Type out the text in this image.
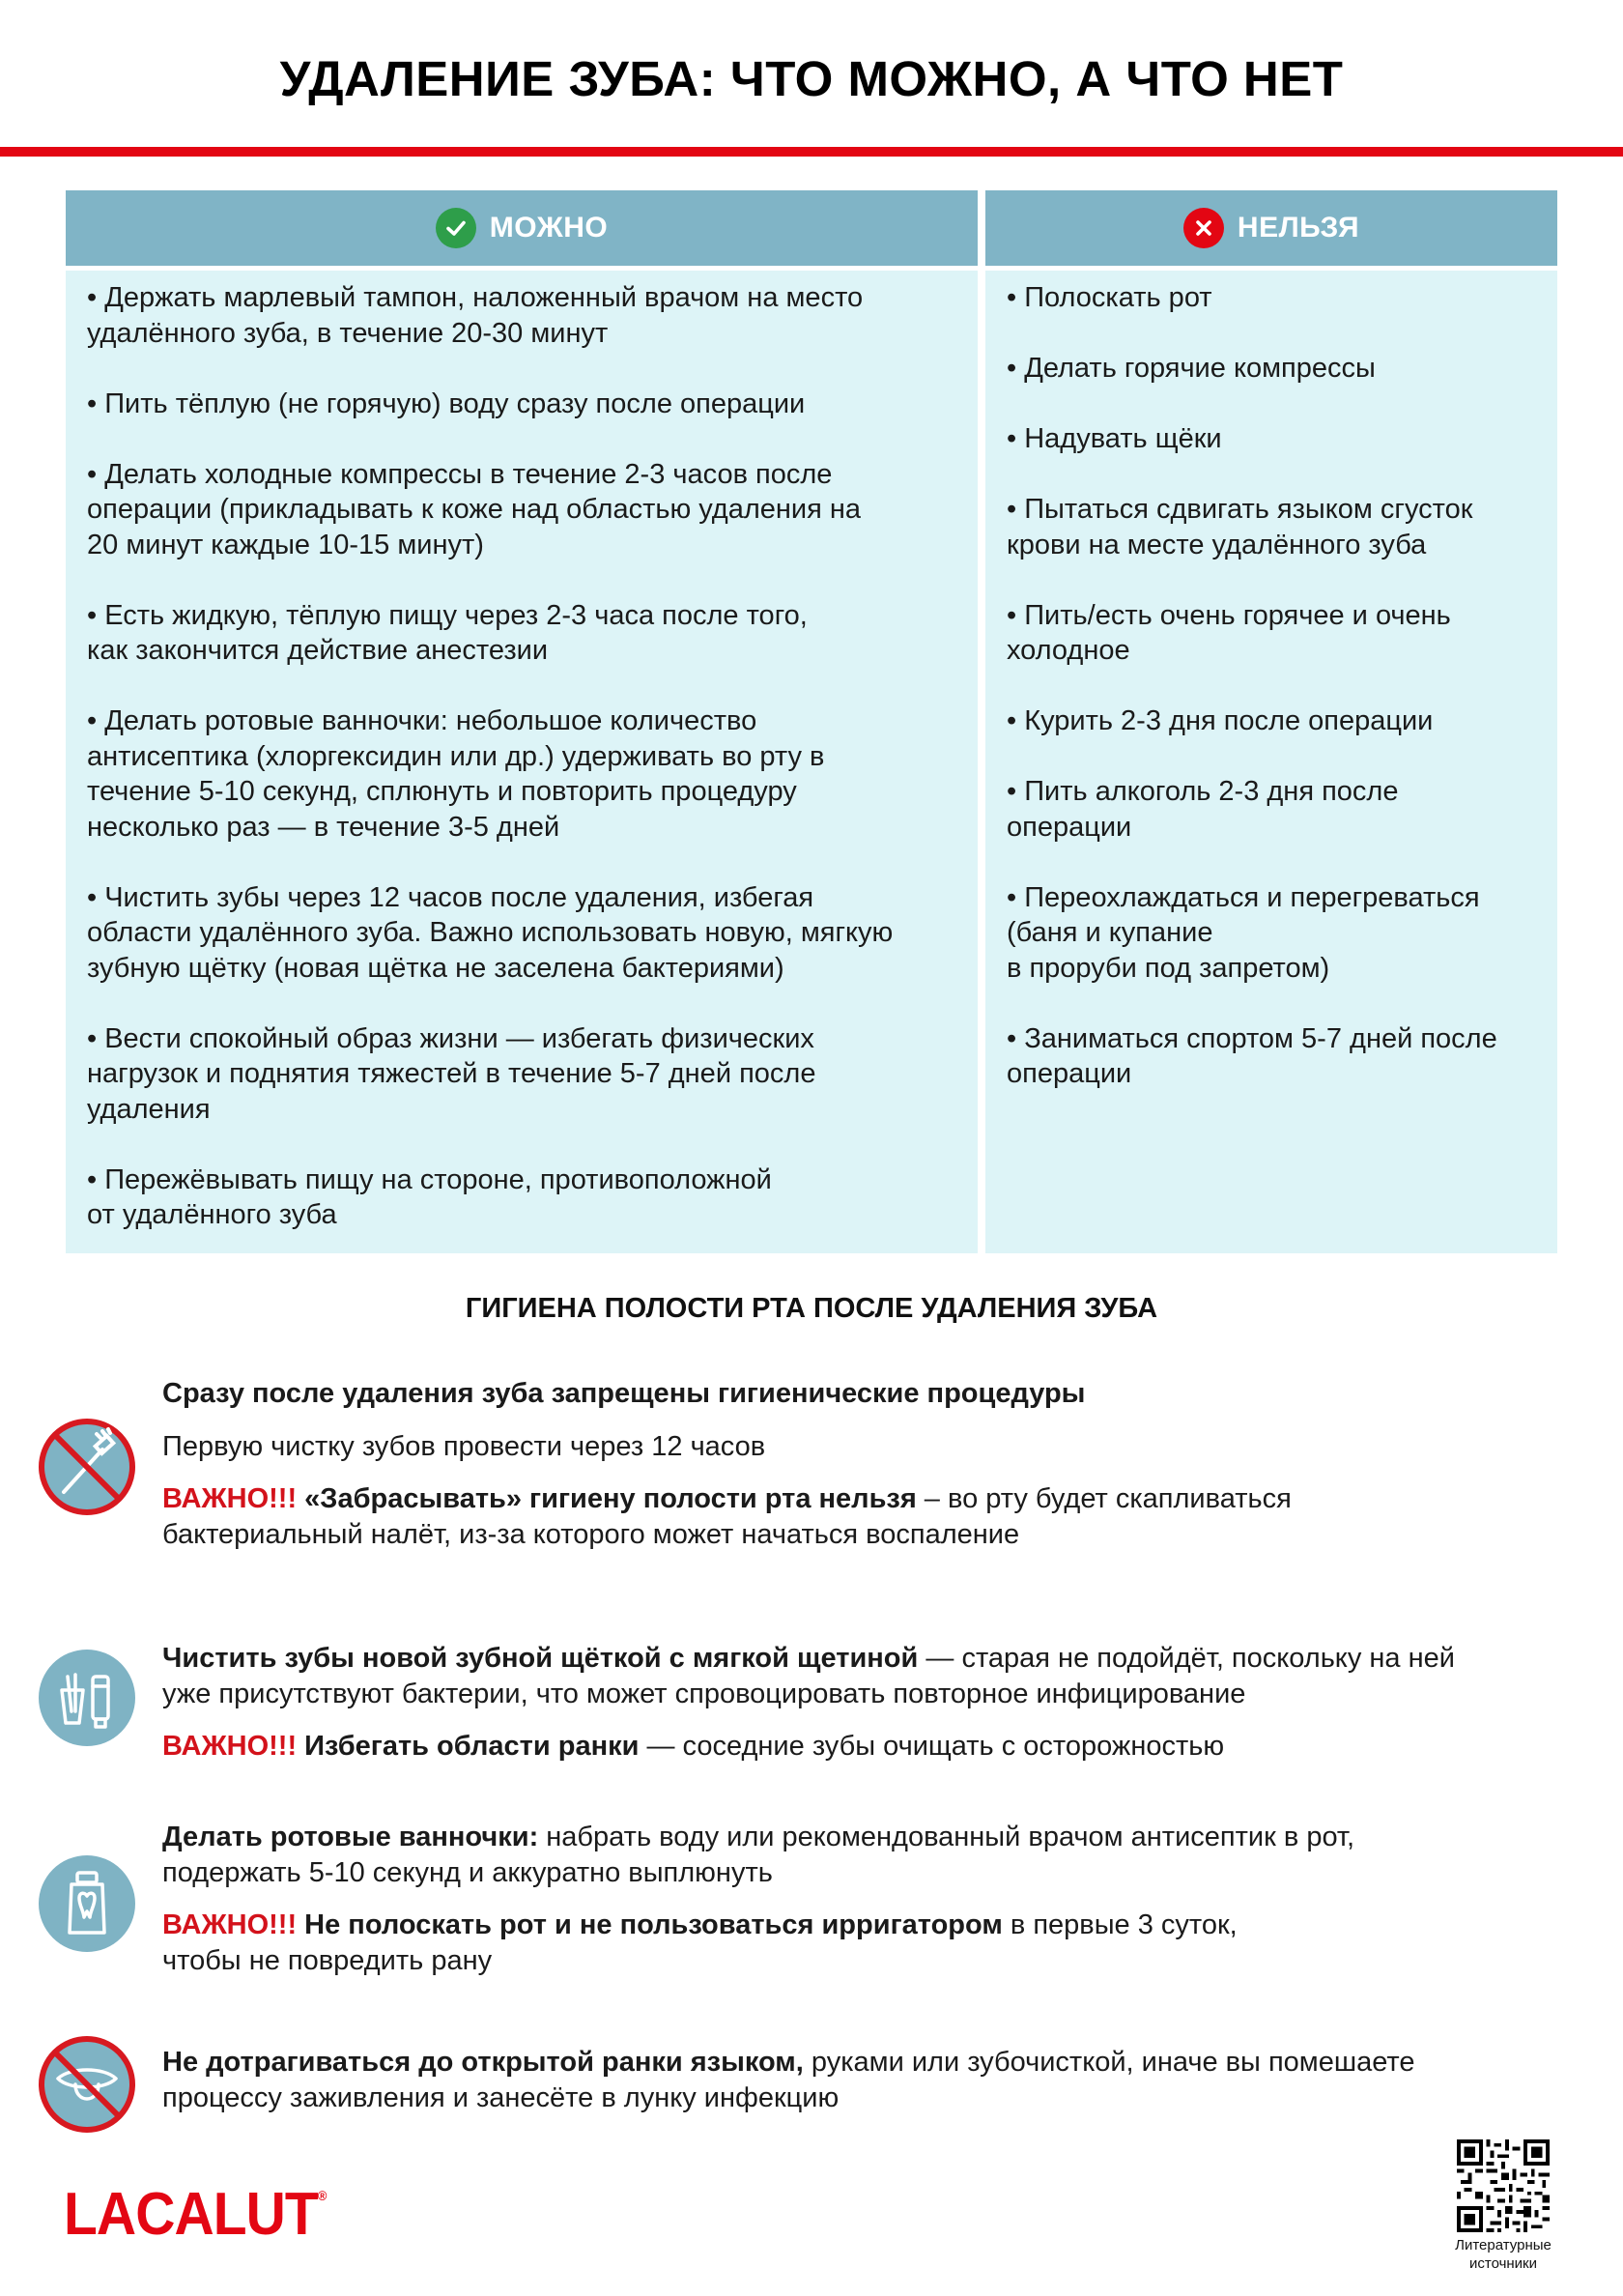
УДАЛЕНИЕ ЗУБА: ЧТО МОЖНО, А ЧТО НЕТ
МОЖНО	НЕЛЬЗЯ
• Держать марлевый тампон, наложенный врачом на место
удалённого зуба, в течение 20-30 минут
• Пить тёплую (не горячую) воду сразу после операции
• Делать холодные компрессы в течение 2-3 часов после
операции (прикладывать к коже над областью удаления на
20 минут каждые 10-15 минут)
• Есть жидкую, тёплую пищу через 2-3 часа после того,
как закончится действие анестезии
• Делать ротовые ванночки: небольшое количество
антисептика (хлоргексидин или др.) удерживать во рту в
течение 5-10 секунд, сплюнуть и повторить процедуру
несколько раз — в течение 3-5 дней
• Чистить зубы через 12 часов после удаления, избегая
области удалённого зуба. Важно использовать новую, мягкую
зубную щётку (новая щётка не заселена бактериями)
• Вести спокойный образ жизни — избегать физических
нагрузок и поднятия тяжестей в течение 5-7 дней после
удаления
• Пережёвывать пищу на стороне, противоположной
от удалённого зуба
• Полоскать рот
• Делать горячие компрессы
• Надувать щёки
• Пытаться сдвигать языком сгусток
крови на месте удалённого зуба
• Пить/есть очень горячее и очень
холодное
• Курить 2-3 дня после операции
• Пить алкоголь 2-3 дня после
операции
• Переохлаждаться и перегреваться
(баня и купание
в проруби под запретом)
• Заниматься спортом 5-7 дней после
операции
ГИГИЕНА ПОЛОСТИ РТА ПОСЛЕ УДАЛЕНИЯ ЗУБА

Сразу после удаления зуба запрещены гигиенические процедуры

Первую чистку зубов провести через 12 часов

ВАЖНО!!! «Забрасывать» гигиену полости рта нельзя – во рту будет скапливаться
бактериальный налёт, из-за которого может начаться воспаление

Чистить зубы новой зубной щёткой с мягкой щетиной — старая не подойдёт, поскольку на ней
уже присутствуют бактерии, что может спровоцировать повторное инфицирование

ВАЖНО!!! Избегать области ранки — соседние зубы очищать с осторожностью

Делать ротовые ванночки: набрать воду или рекомендованный врачом антисептик в рот,
подержать 5-10 секунд и аккуратно выплюнуть

ВАЖНО!!! Не полоскать рот и не пользоваться ирригатором в первые 3 суток,
чтобы не повредить рану

Не дотрагиваться до открытой ранки языком, руками или зубочисткой, иначе вы помешаете
процессу заживления и занесёте в лунку инфекцию

LACALUT®
Литературные
источники
